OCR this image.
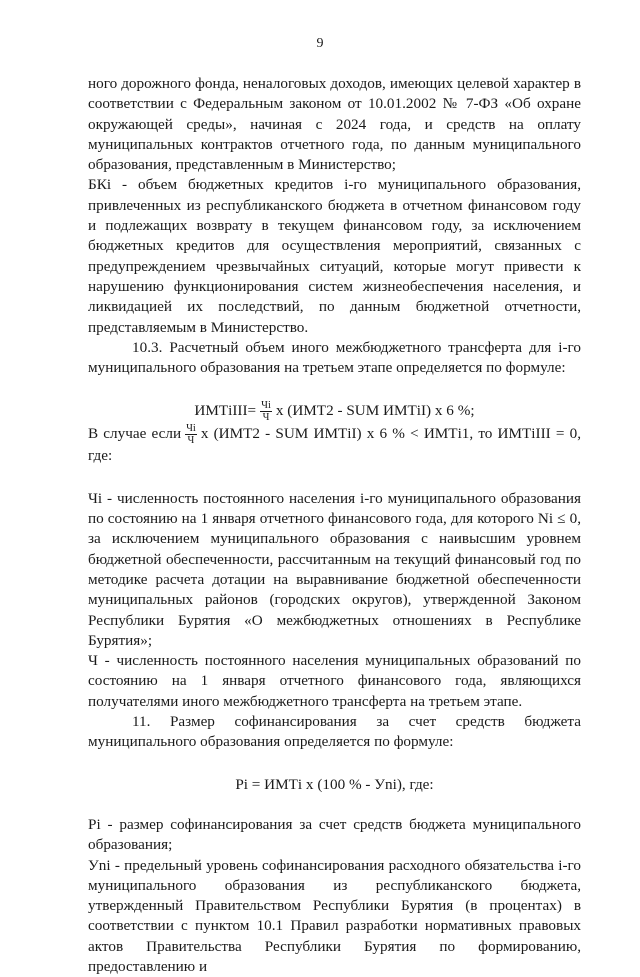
9

ного дорожного фонда, неналоговых доходов, имеющих целевой характер в соответствии с Федеральным законом от 10.01.2002 № 7-ФЗ «Об охране окружающей среды», начиная с 2024 года, и средств на оплату муниципальных контрактов отчетного года, по данным муниципального образования, представленным в Министерство;

БКi - объем бюджетных кредитов i-го муниципального образования, привлеченных из республиканского бюджета в отчетном финансовом году и подлежащих возврату в текущем финансовом году, за исключением бюджетных кредитов для осуществления мероприятий, связанных с предупреждением чрезвычайных ситуаций, которые могут привести к нарушению функционирования систем жизнеобеспечения населения, и ликвидацией их последствий, по данным бюджетной отчетности, представляемым в Министерство.

10.3. Расчетный объем иного межбюджетного трансферта для i-го муниципального образования на третьем этапе определяется по формуле:

ИМТiIII= $\frac{Чi}{Ч}$ x (ИМТ2 - SUM ИМТiI) x 6 %;

В случае если $\frac{Чi}{Ч}$ x (ИМТ2 - SUM ИМТiI) x 6 % < ИМТi1, то ИМТiIII = 0, где:

Чi - численность постоянного населения i-го муниципального образования по состоянию на 1 января отчетного финансового года, для которого Ni ≤ 0, за исключением муниципального образования с наивысшим уровнем бюджетной обеспеченности, рассчитанным на текущий финансовый год по методике расчета дотации на выравнивание бюджетной обеспеченности муниципальных районов (городских округов), утвержденной Законом Республики Бурятия «О межбюджетных отношениях в Республике Бурятия»;

Ч - численность постоянного населения муниципальных образований по состоянию на 1 января отчетного финансового года, являющихся получателями иного межбюджетного трансферта на третьем этапе.

11. Размер софинансирования за счет средств бюджета муниципального образования определяется по формуле:

Pi = ИМТi x (100 % - Уni), где:

Pi - размер софинансирования за счет средств бюджета муниципального образования;

Уni - предельный уровень софинансирования расходного обязательства i-го муниципального образования из республиканского бюджета, утвержденный Правительством Республики Бурятия (в процентах) в соответствии с пунктом 10.1 Правил разработки нормативных правовых актов Правительства Республики Бурятия по формированию, предоставлению и
